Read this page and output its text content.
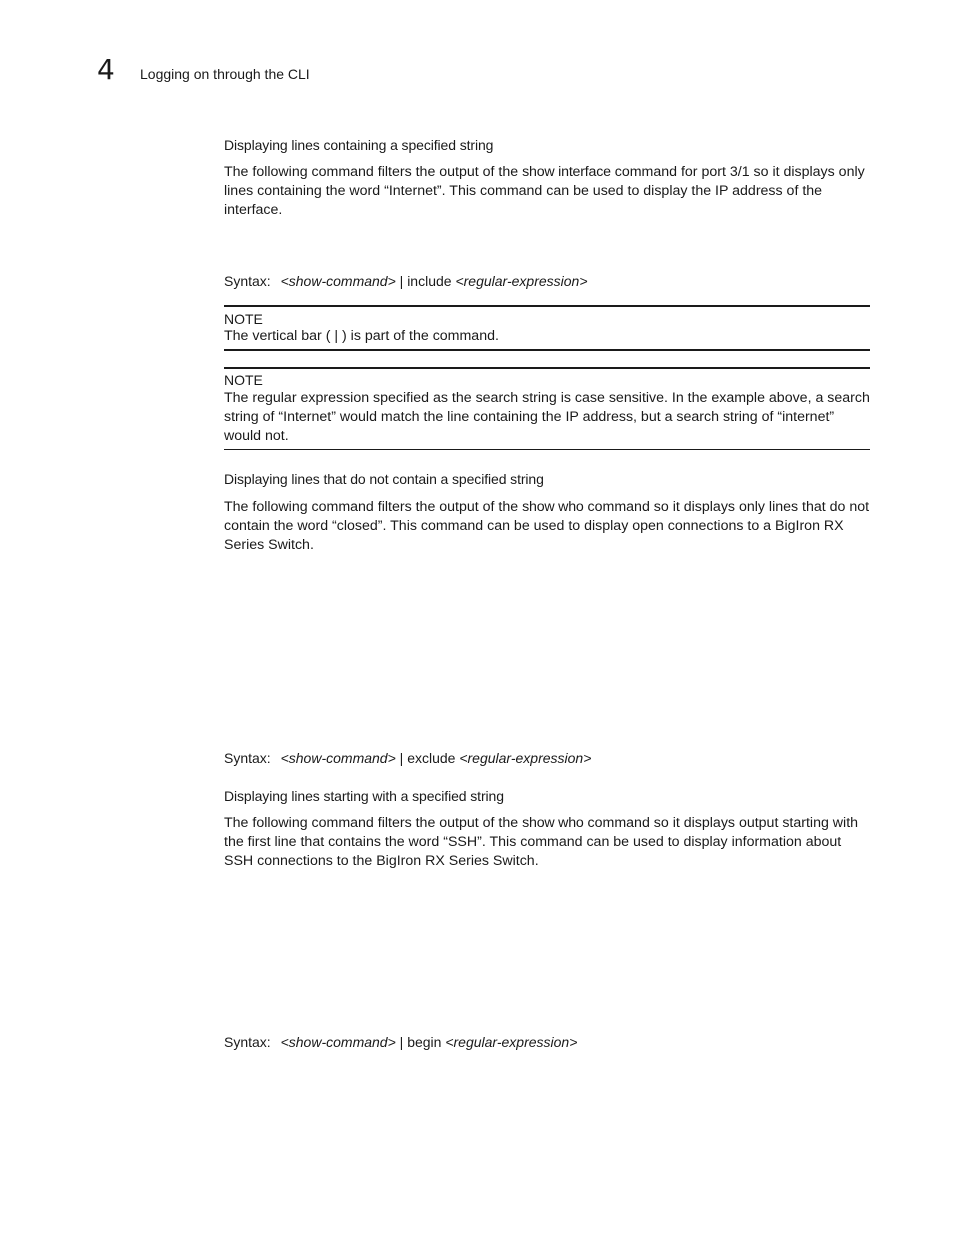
4 Logging on through the CLI
Displaying lines containing a specified string

The following command filters the output of the show interface command for port 3/1 so it displays only lines containing the word “Internet”. This command can be used to display the IP address of the interface.

Syntax: <show-command> | include <regular-expression>
NOTE
The vertical bar ( | ) is part of the command.
NOTE
The regular expression specified as the search string is case sensitive. In the example above, a search string of “Internet” would match the line containing the IP address, but a search string of “internet” would not.
Displaying lines that do not contain a specified string

The following command filters the output of the show who command so it displays only lines that do not contain the word “closed”. This command can be used to display open connections to a BigIron RX Series Switch.

Syntax: <show-command> | exclude <regular-expression>
Displaying lines starting with a specified string

The following command filters the output of the show who command so it displays output starting with the first line that contains the word “SSH”. This command can be used to display information about SSH connections to the BigIron RX Series Switch.

Syntax: <show-command> | begin <regular-expression>
